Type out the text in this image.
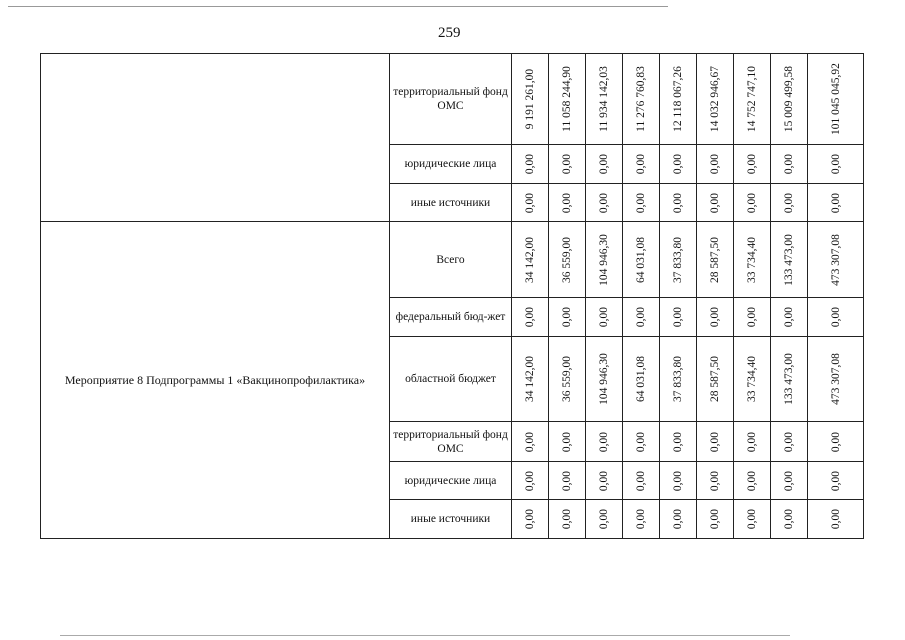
259
	территориальный фонд ОМС	9 191 261,00	11 058 244,90	11 934 142,03	11 276 760,83	12 118 067,26	14 032 946,67	14 752 747,10	15 009 499,58	101 045 045,92

	юридические лица	0,00	0,00	0,00	0,00	0,00	0,00	0,00	0,00	0,00

	иные источники	0,00	0,00	0,00	0,00	0,00	0,00	0,00	0,00	0,00

Мероприятие 8 Подпрограммы 1 «Вакцинопрофилактика»	Всего	34 142,00	36 559,00	104 946,30	64 031,08	37 833,80	28 587,50	33 734,40	133 473,00	473 307,08

	федеральный бюд-жет	0,00	0,00	0,00	0,00	0,00	0,00	0,00	0,00	0,00

	областной бюджет	34 142,00	36 559,00	104 946,30	64 031,08	37 833,80	28 587,50	33 734,40	133 473,00	473 307,08

	территориальный фонд ОМС	0,00	0,00	0,00	0,00	0,00	0,00	0,00	0,00	0,00

	юридические лица	0,00	0,00	0,00	0,00	0,00	0,00	0,00	0,00	0,00

	иные источники	0,00	0,00	0,00	0,00	0,00	0,00	0,00	0,00	0,00
